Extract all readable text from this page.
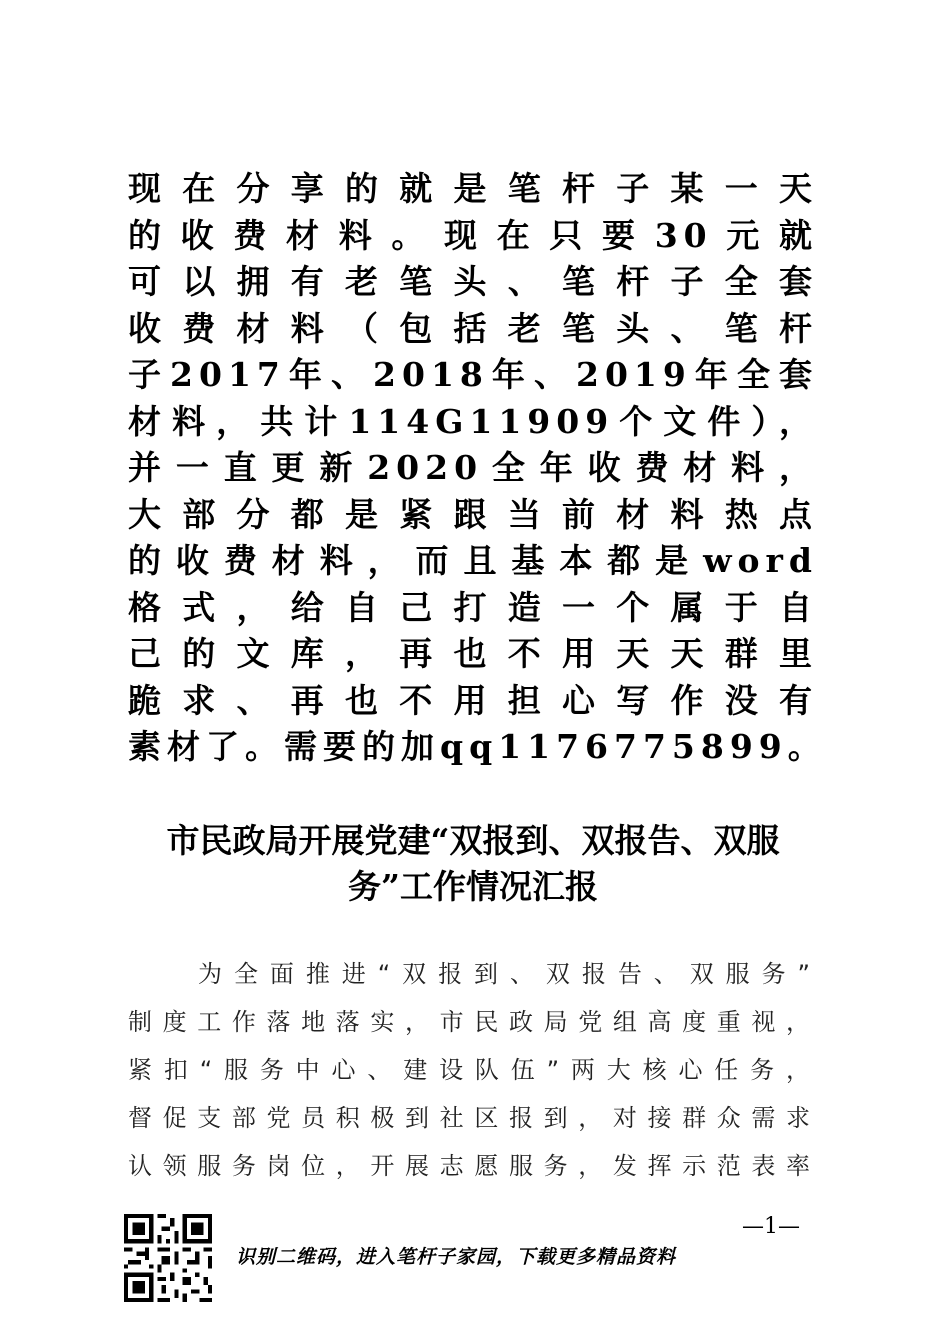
现在分享的就是笔杆子某一天
的收费材料。现在只要30元就
可以拥有老笔头、笔杆子全套
收费材料（包括老笔头、笔杆
子2017年、2018年、2019年全套
材料，共计114G11909个文件），
并一直更新2020全年收费材料，
大部分都是紧跟当前材料热点
的收费材料，而且基本都是word
格式，给自己打造一个属于自
己的文库，再也不用天天群里
跪求、再也不用担心写作没有
素材了。需要的加qq1176775899。
市民政局开展党建“双报到、双报告、双服
务”工作情况汇报
为全面推进“双报到、双报告、双服务”
制度工作落地落实，市民政局党组高度重视，
紧扣“服务中心、建设队伍”两大核心任务，
督促支部党员积极到社区报到，对接群众需求
认领服务岗位，开展志愿服务，发挥示范表率
—1—
识别二维码，进入笔杆子家园，下载更多精品资料
